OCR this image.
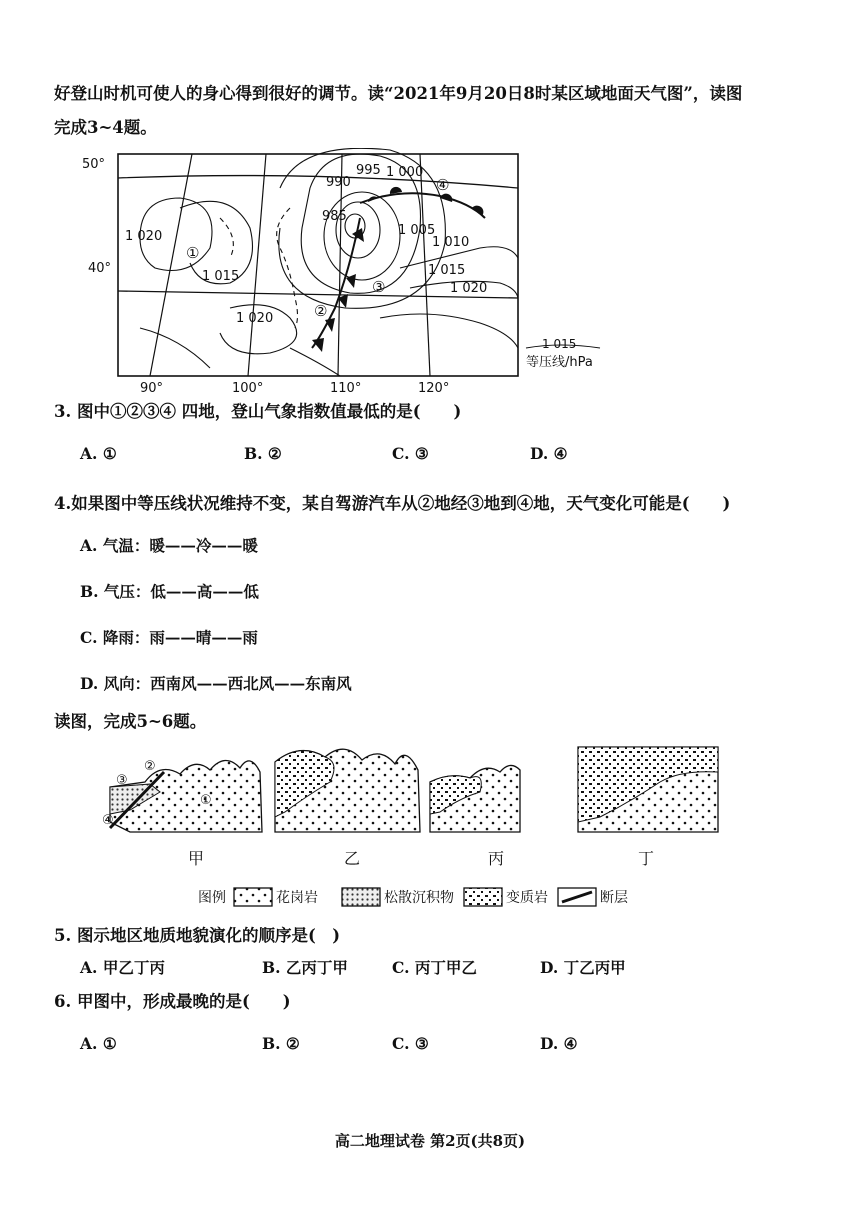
好登山时机可使人的身心得到很好的调节。读“2021年9月20日8时某区域地面天气图”，读图
完成3~4题。
50°
40°
90°	100°	110°	120°
995 1 000
990
985
1 005
1 010
1 020
1 015	1 015
1 020
1 020
①
②
③
④
1 015
等压线/hPa
3. 图中①②③④ 四地，登山气象指数值最低的是(　　)
A. ①	B. ②	C. ③	D. ④
4.如果图中等压线状况维持不变，某自驾游汽车从②地经③地到④地，天气变化可能是(　　)
A. 气温：暖——冷——暖
B. 气压：低——高——低
C. 降雨：雨——晴——雨
D. 风向：西南风——西北风——东南风
读图，完成5~6题。
③
②
①
④
甲	乙	丙	丁
图例	花岗岩	松散沉积物	变质岩	断层
5. 图示地区地质地貌演化的顺序是(　)
A. 甲乙丁丙	B. 乙丙丁甲	C. 丙丁甲乙	D. 丁乙丙甲
6. 甲图中，形成最晚的是(　　)
A. ①	B. ②	C. ③	D. ④
高二地理试卷 第2页(共8页)
